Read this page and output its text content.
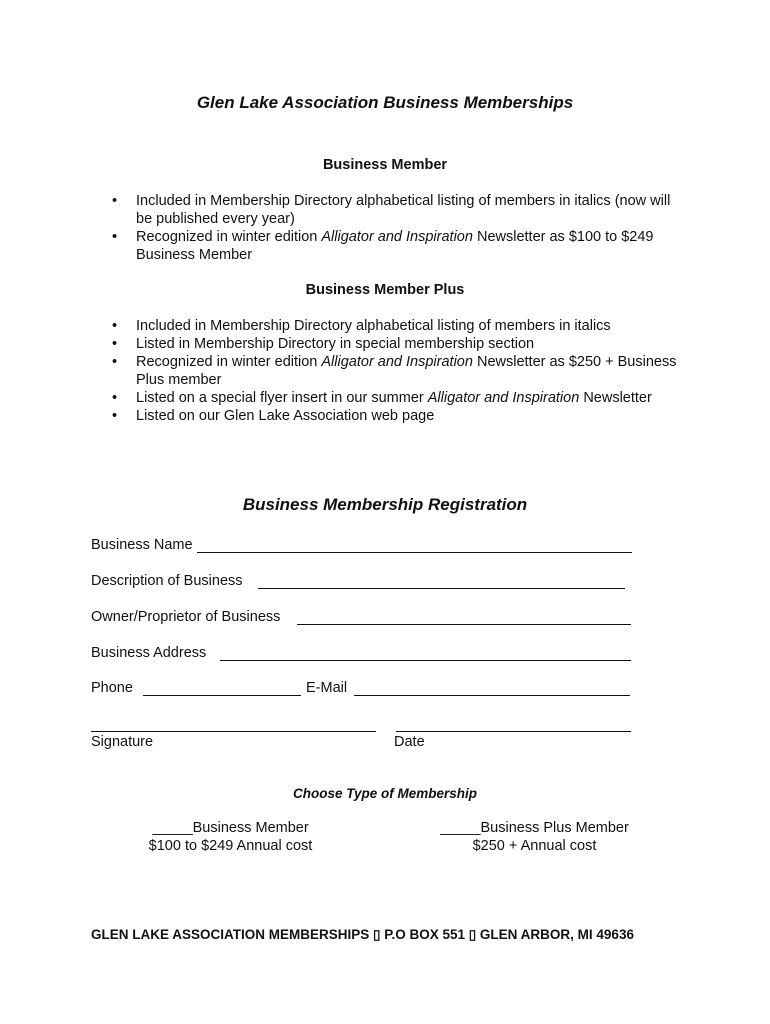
Glen Lake Association Business Memberships
Business Member
• Included in Membership Directory alphabetical listing of members in italics (now will be published every year)
• Recognized in winter edition Alligator and Inspiration Newsletter as $100 to $249 Business Member
Business Member Plus
• Included in Membership Directory alphabetical listing of members in italics
• Listed in Membership Directory in special membership section
• Recognized in winter edition Alligator and Inspiration Newsletter as $250 + Business Plus member
• Listed on a special flyer insert in our summer Alligator and Inspiration Newsletter
• Listed on our Glen Lake Association web page
Business Membership Registration
Business Name
Description of Business
Owner/Proprietor of Business
Business Address
Phone	E-Mail
Signature	Date
Choose Type of Membership
_____Business Member
$100 to $249 Annual cost
_____Business Plus Member
$250 + Annual cost
GLEN LAKE ASSOCIATION MEMBERSHIPS ▯ P.O BOX 551 ▯ GLEN ARBOR, MI 49636
